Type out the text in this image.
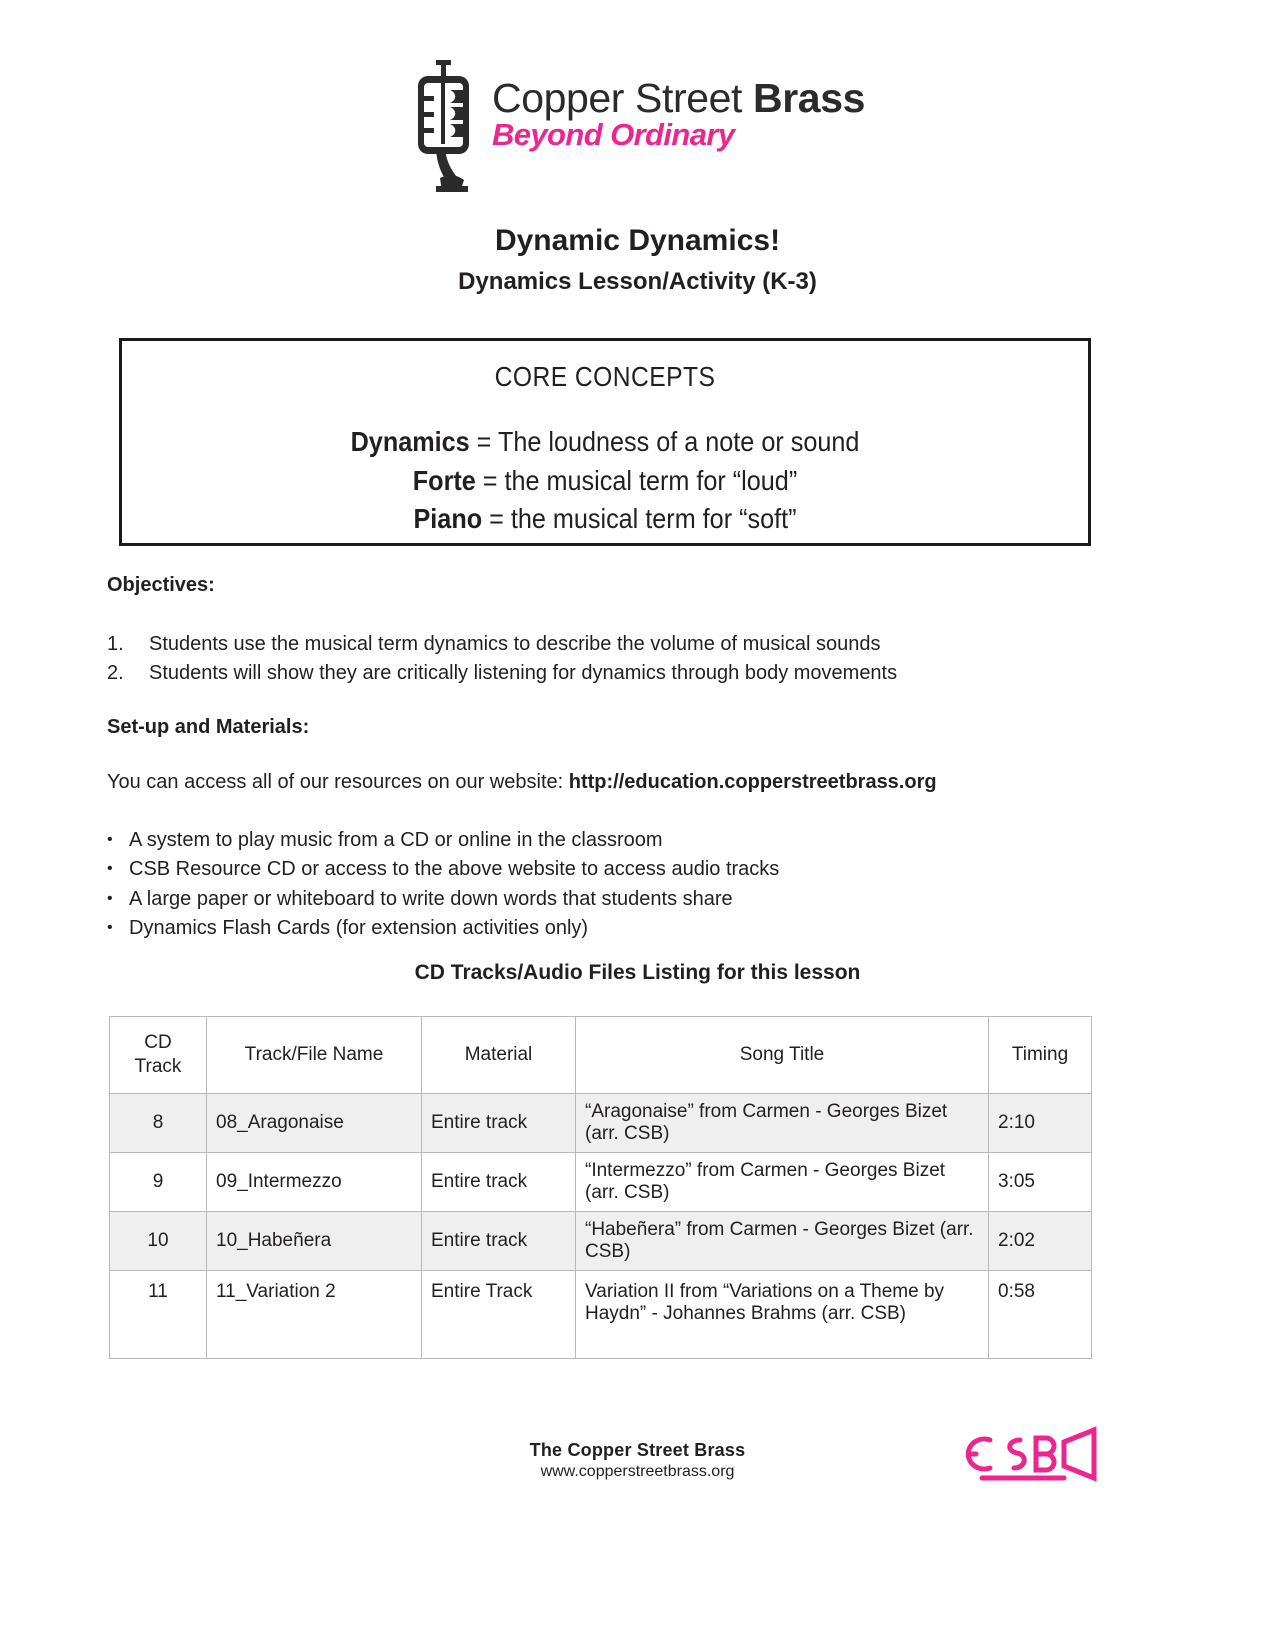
Copper Street Brass
Beyond Ordinary
Dynamic Dynamics!
Dynamics Lesson/Activity (K-3)
CORE CONCEPTS
Dynamics = The loudness of a note or sound
Forte = the musical term for “loud”
Piano = the musical term for “soft”
Objectives:
1.	Students use the musical term dynamics to describe the volume of musical sounds
2.	Students will show they are critically listening for dynamics through body movements
Set-up and Materials:
You can access all of our resources on our website: http://education.copperstreetbrass.org
• A system to play music from a CD or online in the classroom
• CSB Resource CD or access to the above website to access audio tracks
• A large paper or whiteboard to write down words that students share
• Dynamics Flash Cards (for extension activities only)
CD Tracks/Audio Files Listing for this lesson
CD
Track	Track/File Name	Material	Song Title	Timing
8	08_Aragonaise	Entire track	“Aragonaise” from Carmen - Georges Bizet (arr. CSB)	2:10
9	09_Intermezzo	Entire track	“Intermezzo” from Carmen - Georges Bizet (arr. CSB)	3:05
10	10_Habeñera	Entire track	“Habeñera” from Carmen - Georges Bizet (arr. CSB)	2:02
11	11_Variation 2	Entire Track	Variation II from “Variations on a Theme by Haydn” - Johannes Brahms (arr. CSB)	0:58
The Copper Street Brass
www.copperstreetbrass.org
